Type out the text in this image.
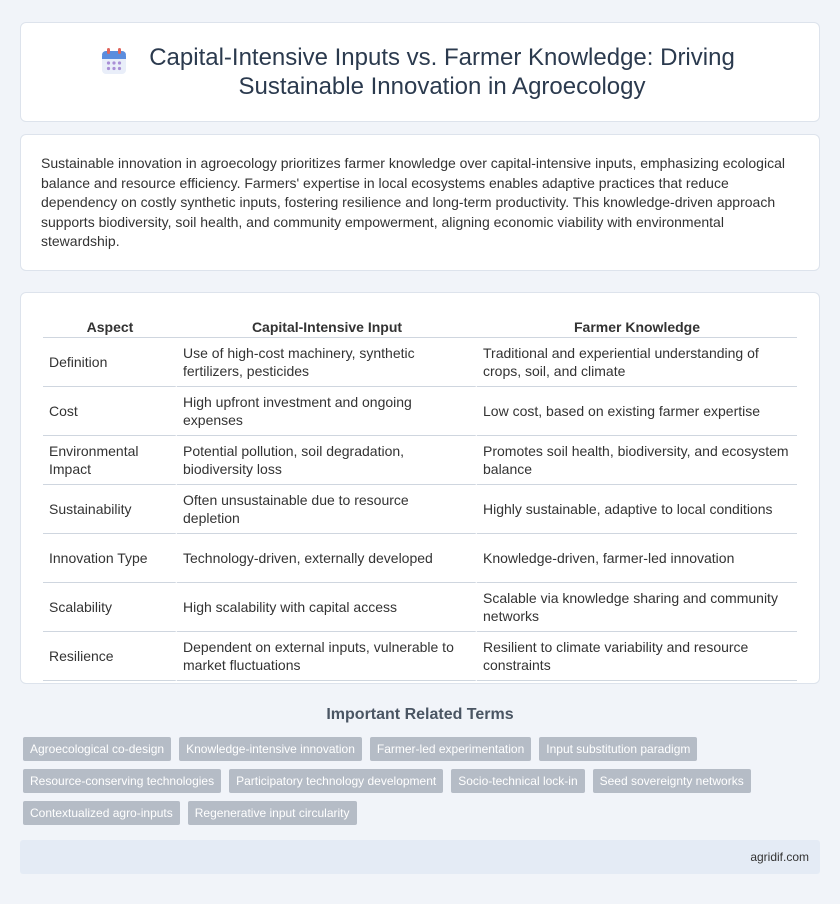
Capital-Intensive Inputs vs. Farmer Knowledge: Driving Sustainable Innovation in Agroecology

Sustainable innovation in agroecology prioritizes farmer knowledge over capital-intensive inputs, emphasizing ecological balance and resource efficiency. Farmers' expertise in local ecosystems enables adaptive practices that reduce dependency on costly synthetic inputs, fostering resilience and long-term productivity. This knowledge-driven approach supports biodiversity, soil health, and community empowerment, aligning economic viability with environmental stewardship.

Aspect	Capital-Intensive Input	Farmer Knowledge
Definition	Use of high-cost machinery, synthetic fertilizers, pesticides	Traditional and experiential understanding of crops, soil, and climate
Cost	High upfront investment and ongoing expenses	Low cost, based on existing farmer expertise
Environmental Impact	Potential pollution, soil degradation, biodiversity loss	Promotes soil health, biodiversity, and ecosystem balance
Sustainability	Often unsustainable due to resource depletion	Highly sustainable, adaptive to local conditions
Innovation Type	Technology-driven, externally developed	Knowledge-driven, farmer-led innovation
Scalability	High scalability with capital access	Scalable via knowledge sharing and community networks
Resilience	Dependent on external inputs, vulnerable to market fluctuations	Resilient to climate variability and resource constraints
Important Related Terms
Agroecological co-design	Knowledge-intensive innovation	Farmer-led experimentation	Input substitution paradigm
Resource-conserving technologies	Participatory technology development	Socio-technical lock-in	Seed sovereignty networks
Contextualized agro-inputs	Regenerative input circularity
agridif.com
